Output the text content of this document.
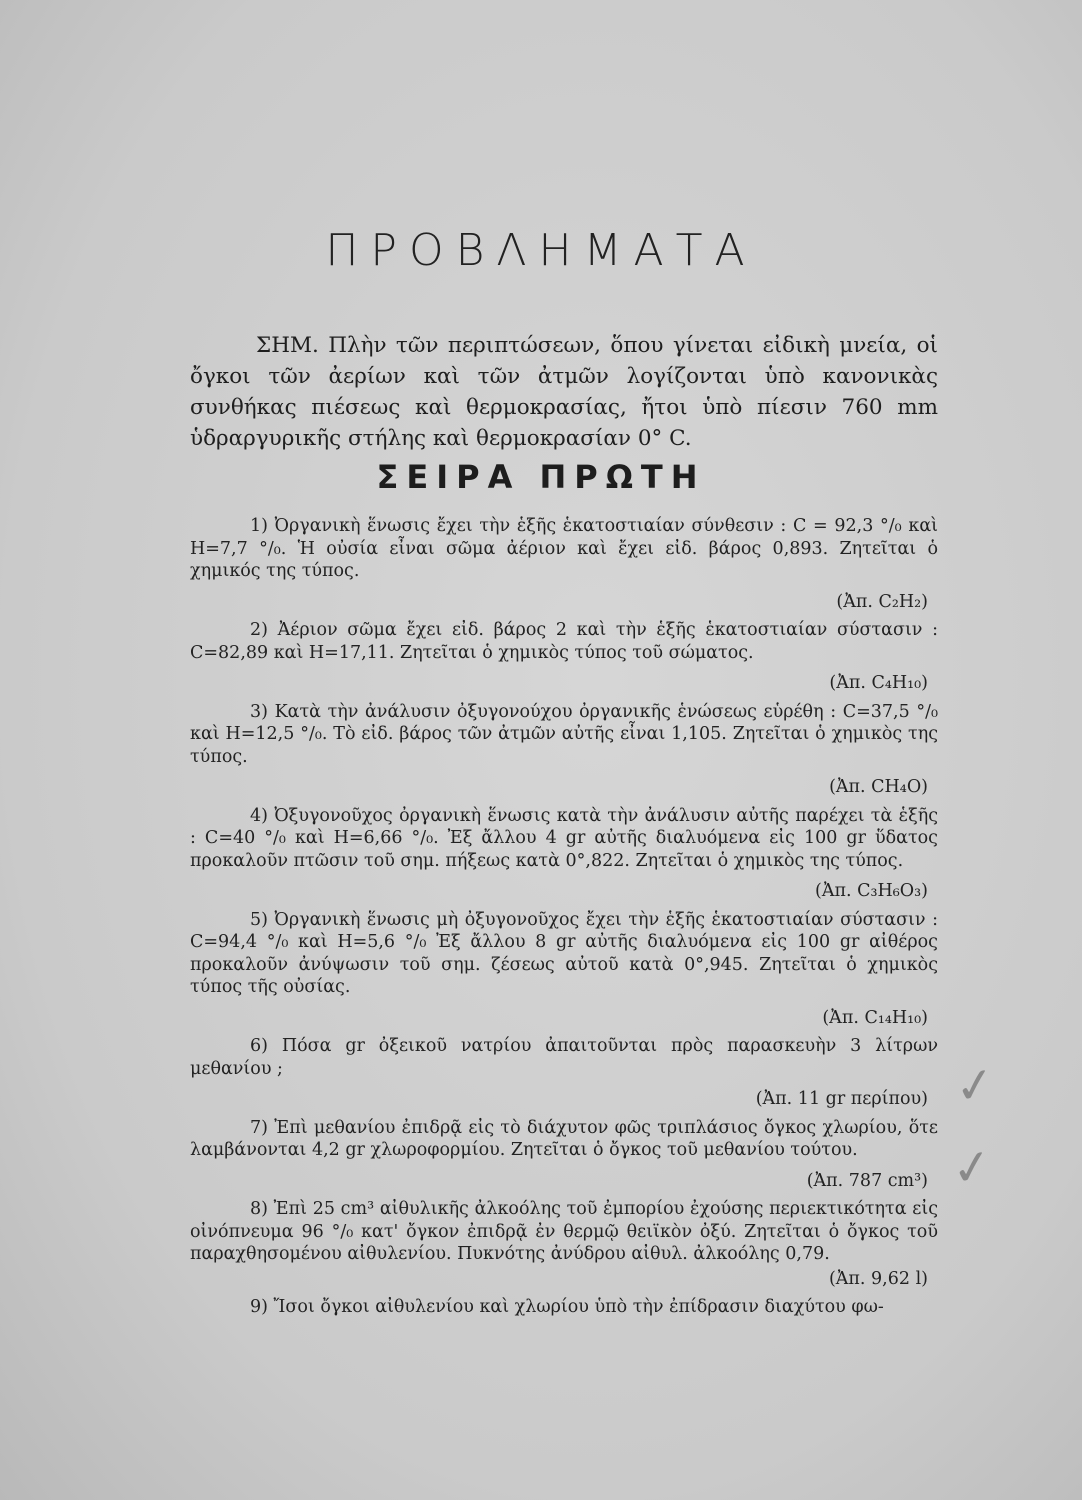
ΠΡΟΒΛΗΜΑΤΑ

ΣΗΜ. Πλὴν τῶν περιπτώσεων, ὅπου γίνεται εἰδικὴ μνεία, οἱ ὄγκοι τῶν ἀερίων καὶ τῶν ἀτμῶν λογίζονται ὑπὸ κανονικὰς συνθήκας πιέσεως καὶ θερμοκρασίας, ἤτοι ὑπὸ πίεσιν 760 mm ὑδραργυρικῆς στήλης καὶ θερμοκρασίαν 0° C.

ΣΕΙΡΑ ΠΡΩΤΗ

1) Ὀργανικὴ ἕνωσις ἔχει τὴν ἑξῆς ἑκατοστιαίαν σύνθεσιν : C = 92,3 °/₀ καὶ H=7,7 °/₀. Ἡ οὐσία εἶναι σῶμα ἀέριον καὶ ἔχει εἰδ. βάρος 0,893. Ζητεῖται ὁ χημικός της τύπος.

(Ἀπ. C₂H₂)

2) Ἀέριον σῶμα ἔχει εἰδ. βάρος 2 καὶ τὴν ἑξῆς ἑκατοστιαίαν σύστασιν : C=82,89 καὶ H=17,11. Ζητεῖται ὁ χημικὸς τύπος τοῦ σώματος.

(Ἀπ. C₄H₁₀)

3) Κατὰ τὴν ἀνάλυσιν ὀξυγονούχου ὀργανικῆς ἑνώσεως εὑρέθη : C=37,5 °/₀ καὶ H=12,5 °/₀. Τὸ εἰδ. βάρος τῶν ἀτμῶν αὐτῆς εἶναι 1,105. Ζητεῖται ὁ χημικὸς της τύπος.

(Ἀπ. CH₄O)

4) Ὀξυγονοῦχος ὀργανικὴ ἕνωσις κατὰ τὴν ἀνάλυσιν αὐτῆς παρέχει τὰ ἑξῆς : C=40 °/₀ καὶ H=6,66 °/₀. Ἐξ ἄλλου 4 gr αὐτῆς διαλυόμενα εἰς 100 gr ὕδατος προκαλοῦν πτῶσιν τοῦ σημ. πήξεως κατὰ 0°,822. Ζητεῖται ὁ χημικὸς της τύπος.

(Ἀπ. C₃H₆O₃)

5) Ὀργανικὴ ἕνωσις μὴ ὀξυγονοῦχος ἔχει τὴν ἑξῆς ἑκατοστιαίαν σύστασιν : C=94,4 °/₀ καὶ H=5,6 °/₀ Ἐξ ἄλλου 8 gr αὐτῆς διαλυόμενα εἰς 100 gr αἰθέρος προκαλοῦν ἀνύψωσιν τοῦ σημ. ζέσεως αὐτοῦ κατὰ 0°,945. Ζητεῖται ὁ χημικὸς τύπος τῆς οὐσίας.

(Ἀπ. C₁₄H₁₀)

6) Πόσα gr ὀξεικοῦ νατρίου ἀπαιτοῦνται πρὸς παρασκευὴν 3 λίτρων μεθανίου ;

(Ἀπ. 11 gr περίπου)

7) Ἐπὶ μεθανίου ἐπιδρᾷ εἰς τὸ διάχυτον φῶς τριπλάσιος ὄγκος χλωρίου, ὅτε λαμβάνονται 4,2 gr χλωροφορμίου. Ζητεῖται ὁ ὄγκος τοῦ μεθανίου τούτου.

(Ἀπ. 787 cm³)

8) Ἐπὶ 25 cm³ αἰθυλικῆς ἀλκοόλης τοῦ ἐμπορίου ἐχούσης περιεκτικότητα εἰς οἰνόπνευμα 96 °/₀ κατ' ὄγκον ἐπιδρᾷ ἐν θερμῷ θειϊκὸν ὀξύ. Ζητεῖται ὁ ὄγκος τοῦ παραχθησομένου αἰθυλενίου. Πυκνότης ἀνύδρου αἰθυλ. ἀλκοόλης 0,79.

(Ἀπ. 9,62 l)

9) Ἴσοι ὄγκοι αἰθυλενίου καὶ χλωρίου ὑπὸ τὴν ἐπίδρασιν διαχύτου φω-

✓
✓
